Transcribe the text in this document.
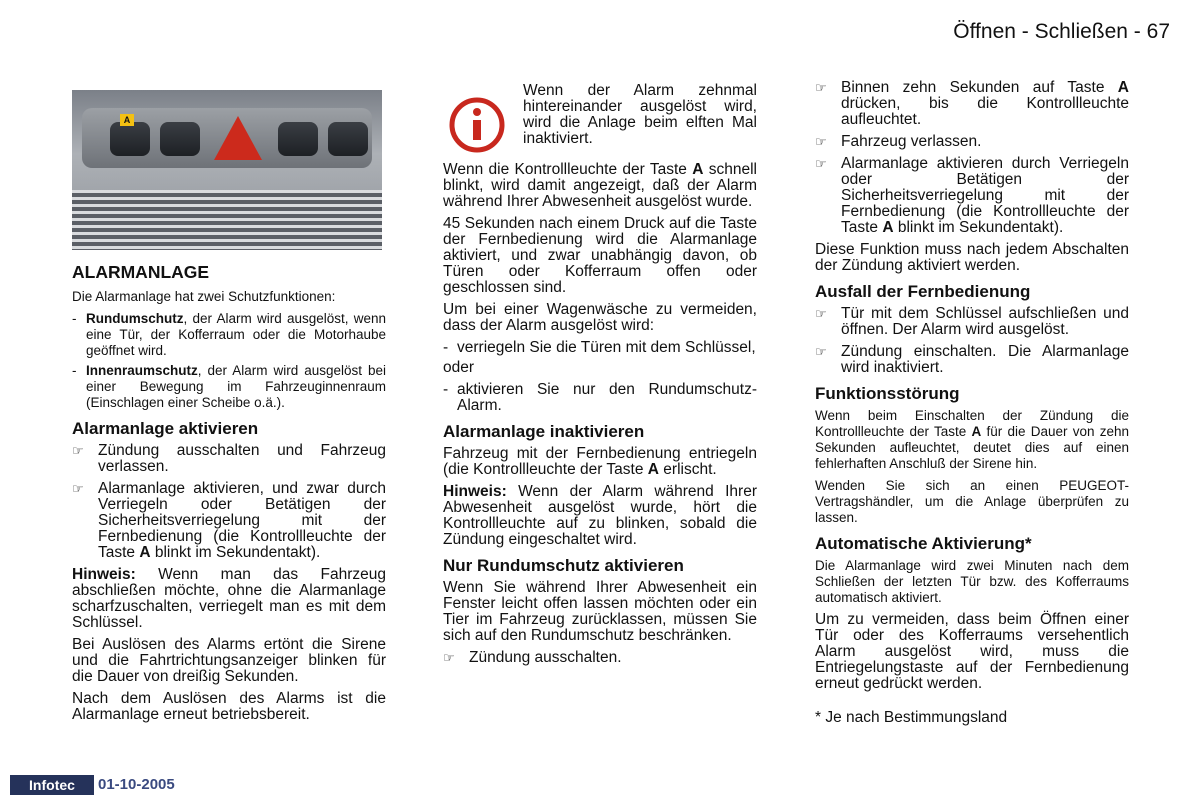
Öffnen - Schließen - 67
A
ALARMANLAGE

Die Alarmanlage hat zwei Schutzfunktionen:

- Rundumschutz, der Alarm wird ausgelöst, wenn eine Tür, der Kofferraum oder die Motorhaube geöffnet wird.
- Innenraumschutz, der Alarm wird ausgelöst bei einer Bewegung im Fahrzeuginnenraum (Einschlagen einer Scheibe o.ä.).
Alarmanlage aktivieren
☞ Zündung ausschalten und Fahrzeug verlassen.
☞ Alarmanlage aktivieren, und zwar durch Verriegeln oder Betätigen der Sicherheitsverriegelung mit der Fernbedienung (die Kontrollleuchte der Taste A blinkt im Sekundentakt).

Hinweis: Wenn man das Fahrzeug abschließen möchte, ohne die Alarmanlage scharfzuschalten, verriegelt man es mit dem Schlüssel.

Bei Auslösen des Alarms ertönt die Sirene und die Fahrtrichtungsanzeiger blinken für die Dauer von dreißig Sekunden.

Nach dem Auslösen des Alarms ist die Alarmanlage erneut betriebsbereit.

Wenn der Alarm zehnmal hintereinander ausgelöst wird, wird die Anlage beim elften Mal inaktiviert.

Wenn die Kontrollleuchte der Taste A schnell blinkt, wird damit angezeigt, daß der Alarm während Ihrer Abwesenheit ausgelöst wurde.

45 Sekunden nach einem Druck auf die Taste der Fernbedienung wird die Alarmanlage aktiviert, und zwar unabhängig davon, ob Türen oder Kofferraum offen oder geschlossen sind.

Um bei einer Wagenwäsche zu vermeiden, dass der Alarm ausgelöst wird:

- verriegeln Sie die Türen mit dem Schlüssel,

oder

- aktivieren Sie nur den Rundumschutz-Alarm.
Alarmanlage inaktivieren

Fahrzeug mit der Fernbedienung entriegeln (die Kontrollleuchte der Taste A erlischt.

Hinweis: Wenn der Alarm während Ihrer Abwesenheit ausgelöst wurde, hört die Kontrollleuchte auf zu blinken, sobald die Zündung eingeschaltet wird.

Nur Rundumschutz aktivieren

Wenn Sie während Ihrer Abwesenheit ein Fenster leicht offen lassen möchten oder ein Tier im Fahrzeug zurücklassen, müssen Sie sich auf den Rundumschutz beschränken.

☞ Zündung ausschalten.
☞ Binnen zehn Sekunden auf Taste A drücken, bis die Kontrollleuchte aufleuchtet.
☞ Fahrzeug verlassen.
☞ Alarmanlage aktivieren durch Verriegeln oder Betätigen der Sicherheitsverriegelung mit der Fernbedienung (die Kontrollleuchte der Taste A blinkt im Sekundentakt).

Diese Funktion muss nach jedem Abschalten der Zündung aktiviert werden.

Ausfall der Fernbedienung
☞ Tür mit dem Schlüssel aufschließen und öffnen. Der Alarm wird ausgelöst.
☞ Zündung einschalten. Die Alarmanlage wird inaktiviert.
Funktionsstörung

Wenn beim Einschalten der Zündung die Kontrollleuchte der Taste A für die Dauer von zehn Sekunden aufleuchtet, deutet dies auf einen fehlerhaften Anschluß der Sirene hin.

Wenden Sie sich an einen PEUGEOT-Vertragshändler, um die Anlage überprüfen zu lassen.

Automatische Aktivierung*

Die Alarmanlage wird zwei Minuten nach dem Schließen der letzten Tür bzw. des Kofferraums automatisch aktiviert.

Um zu vermeiden, dass beim Öffnen einer Tür oder des Kofferraums versehentlich Alarm ausgelöst wird, muss die Entriegelungstaste auf der Fernbedienung erneut gedrückt werden.

* Je nach Bestimmungsland

Infotec	01-10-2005
